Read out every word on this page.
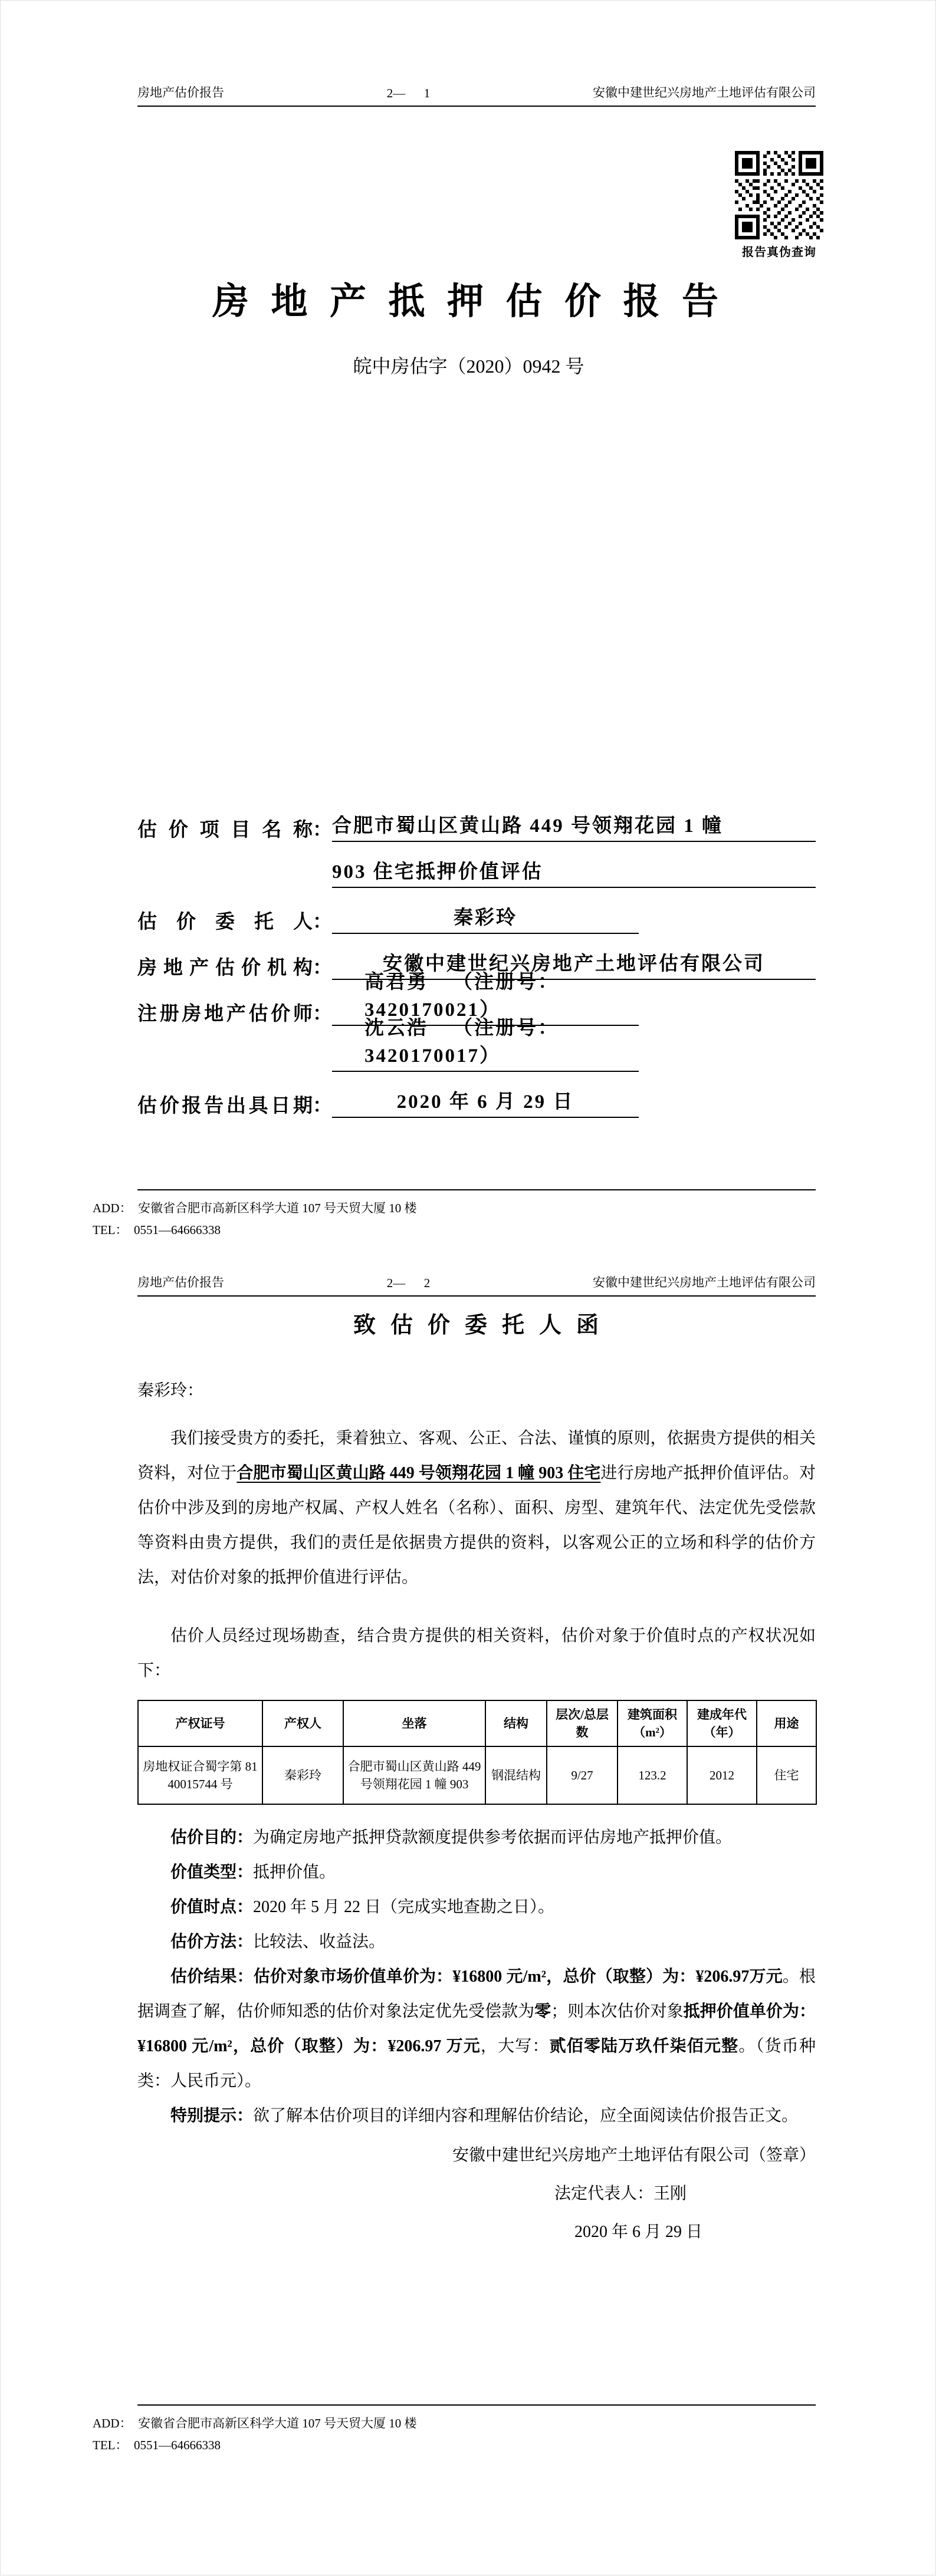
房地产估价报告	2—      1	安徽中建世纪兴房地产土地评估有限公司
报告真伪查询
房 地 产 抵 押 估 价 报 告
皖中房估字（2020）0942 号
估 价 项 目 名 称 ： 合肥市蜀山区黄山路 449 号领翔花园 1 幢
903 住宅抵押价值评估
估 价 委 托 人 ：	秦彩玲
房地产估价机构 ：	安徽中建世纪兴房地产土地评估有限公司
注册房地产估价师 ：
高君勇 （注册号：3420170021）
沈云浩 （注册号：3420170017）
估价报告出具日期 ：	2020 年 6 月 29 日
ADD：  安徽省合肥市高新区科学大道 107 号天贸大厦 10 楼
TEL：  0551—64666338
房地产估价报告	2—      2	安徽中建世纪兴房地产土地评估有限公司
致  估  价  委  托  人  函

秦彩玲：

我们接受贵方的委托，秉着独立、客观、公正、合法、谨慎的原则，依据贵方提供的相关资料，对位于合肥市蜀山区黄山路 449 号领翔花园 1 幢 903 住宅进行房地产抵押价值评估。对估价中涉及到的房地产权属、产权人姓名（名称）、面积、房型、建筑年代、法定优先受偿款等资料由贵方提供，我们的责任是依据贵方提供的资料，以客观公正的立场和科学的估价方法，对估价对象的抵押价值进行评估。

估价人员经过现场勘查，结合贵方提供的相关资料，估价对象于价值时点的产权状况如下：

产权证号	产权人	坐落	结构	层次/总层数	建筑面积（m²）	建成年代（年）	用途
房地权证合蜀字第 8140015744 号	秦彩玲	合肥市蜀山区黄山路 449 号领翔花园 1 幢 903	钢混结构	9/27	123.2	2012	住宅

估价目的：为确定房地产抵押贷款额度提供参考依据而评估房地产抵押价值。

价值类型：抵押价值。

价值时点：2020 年 5 月 22 日（完成实地查勘之日）。

估价方法：比较法、收益法。

估价结果：估价对象市场价值单价为：¥16800 元/m²，总价（取整）为：¥206.97万元。根据调查了解，估价师知悉的估价对象法定优先受偿款为零；则本次估价对象抵押价值单价为：¥16800 元/m²，总价（取整）为：¥206.97 万元，大写：贰佰零陆万玖仟柒佰元整。（货币种类：人民币元）。

特别提示：欲了解本估价项目的详细内容和理解估价结论，应全面阅读估价报告正文。

安徽中建世纪兴房地产土地评估有限公司（签章）
法定代表人：王刚
2020 年 6 月 29 日
ADD：  安徽省合肥市高新区科学大道 107 号天贸大厦 10 楼
TEL：  0551—64666338
